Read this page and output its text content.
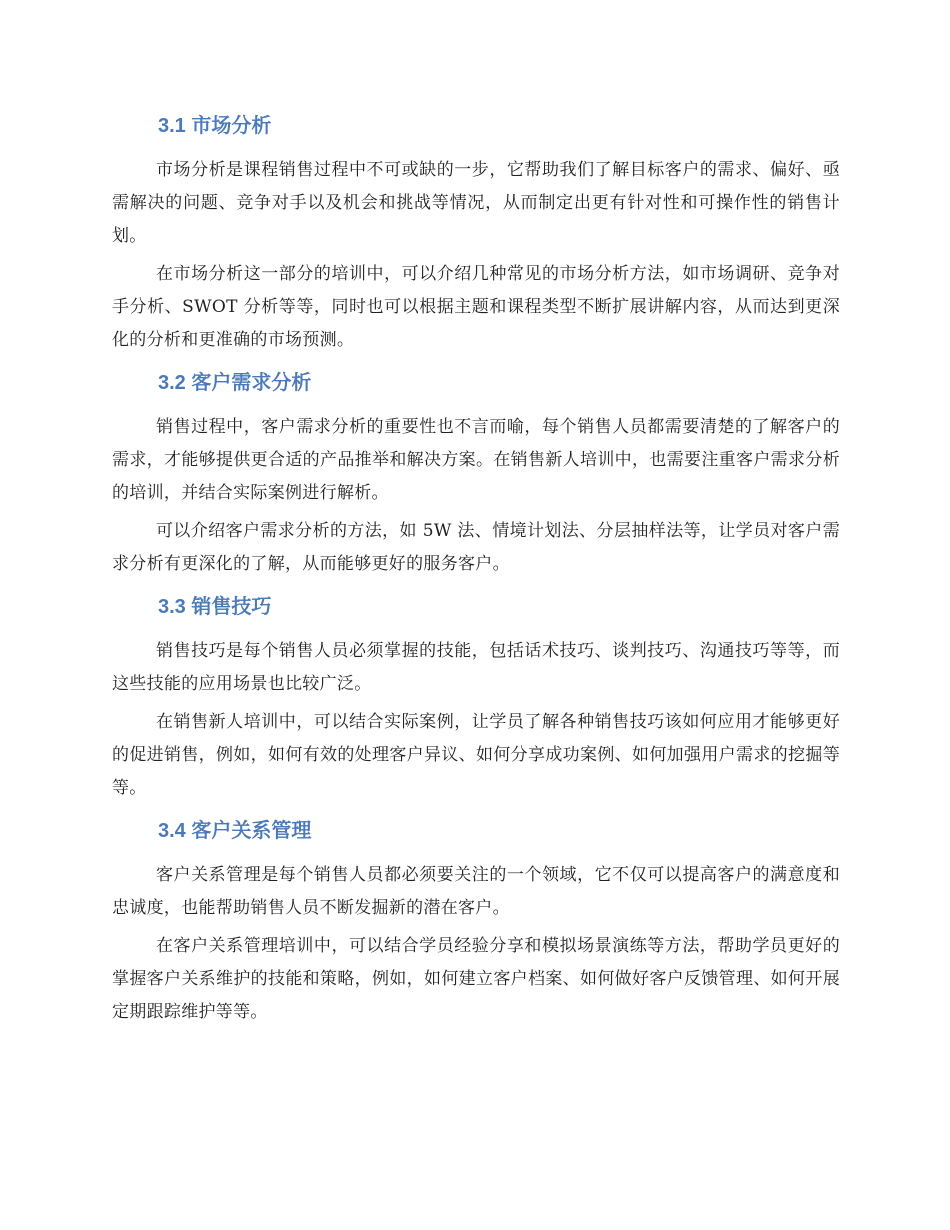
3.1 市场分析

市场分析是课程销售过程中不可或缺的一步，它帮助我们了解目标客户的需求、偏好、亟需解决的问题、竞争对手以及机会和挑战等情况，从而制定出更有针对性和可操作性的销售计划。

在市场分析这一部分的培训中，可以介绍几种常见的市场分析方法，如市场调研、竞争对手分析、SWOT 分析等等，同时也可以根据主题和课程类型不断扩展讲解内容，从而达到更深化的分析和更准确的市场预测。

3.2 客户需求分析

销售过程中，客户需求分析的重要性也不言而喻，每个销售人员都需要清楚的了解客户的需求，才能够提供更合适的产品推举和解决方案。在销售新人培训中，也需要注重客户需求分析的培训，并结合实际案例进行解析。

可以介绍客户需求分析的方法，如 5W 法、情境计划法、分层抽样法等，让学员对客户需求分析有更深化的了解，从而能够更好的服务客户。

3.3 销售技巧

销售技巧是每个销售人员必须掌握的技能，包括话术技巧、谈判技巧、沟通技巧等等，而这些技能的应用场景也比较广泛。

在销售新人培训中，可以结合实际案例，让学员了解各种销售技巧该如何应用才能够更好的促进销售，例如，如何有效的处理客户异议、如何分享成功案例、如何加强用户需求的挖掘等等。

3.4 客户关系管理

客户关系管理是每个销售人员都必须要关注的一个领域，它不仅可以提高客户的满意度和忠诚度，也能帮助销售人员不断发掘新的潜在客户。

在客户关系管理培训中，可以结合学员经验分享和模拟场景演练等方法，帮助学员更好的掌握客户关系维护的技能和策略，例如，如何建立客户档案、如何做好客户反馈管理、如何开展定期跟踪维护等等。
